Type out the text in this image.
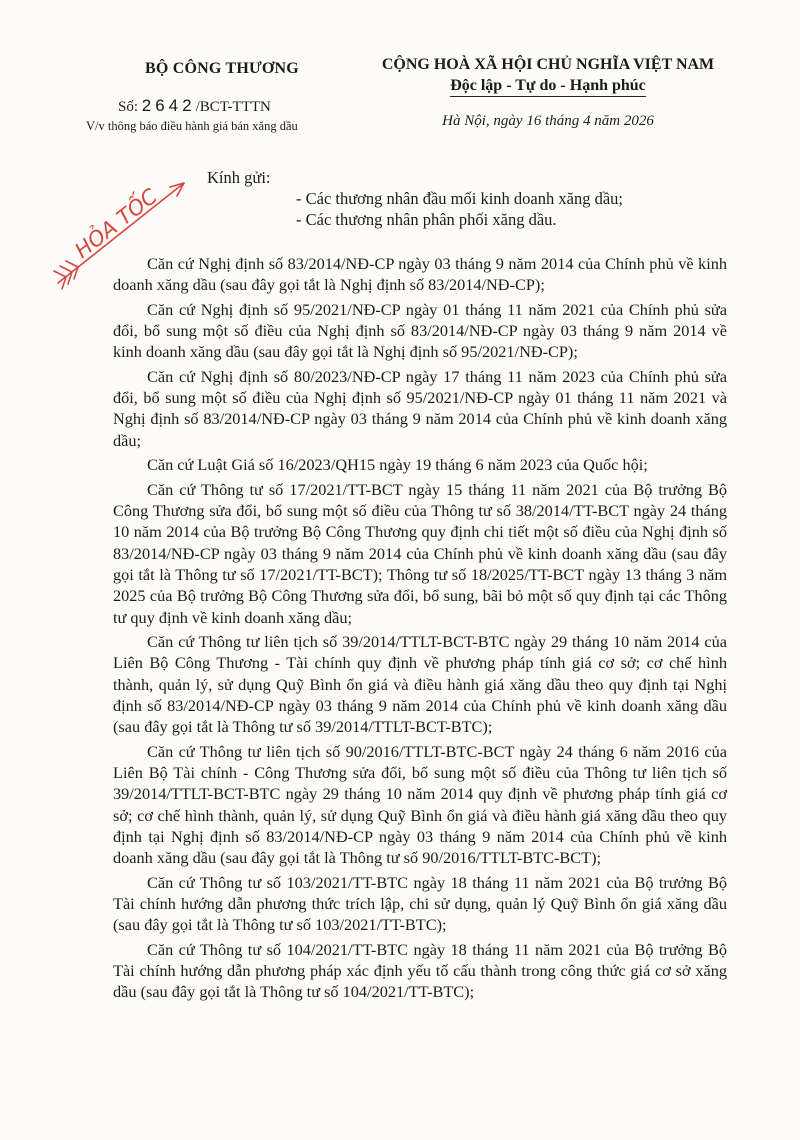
BỘ CÔNG THƯƠNG
Số: 2642/BCT-TTTN
V/v thông báo điều hành giá bán xăng dầu
CỘNG HOÀ XÃ HỘI CHỦ NGHĨA VIỆT NAM
Độc lập - Tự do - Hạnh phúc
Hà Nội, ngày 16 tháng 4 năm 2026
HỎA TỐC
Kính gửi:
- Các thương nhân đầu mối kinh doanh xăng dầu;
- Các thương nhân phân phối xăng dầu.

Căn cứ Nghị định số 83/2014/NĐ-CP ngày 03 tháng 9 năm 2014 của Chính phủ về kinh doanh xăng dầu (sau đây gọi tắt là Nghị định số 83/2014/NĐ-CP);

Căn cứ Nghị định số 95/2021/NĐ-CP ngày 01 tháng 11 năm 2021 của Chính phủ sửa đổi, bổ sung một số điều của Nghị định số 83/2014/NĐ-CP ngày 03 tháng 9 năm 2014 về kinh doanh xăng dầu (sau đây gọi tắt là Nghị định số 95/2021/NĐ-CP);

Căn cứ Nghị định số 80/2023/NĐ-CP ngày 17 tháng 11 năm 2023 của Chính phủ sửa đổi, bổ sung một số điều của Nghị định số 95/2021/NĐ-CP ngày 01 tháng 11 năm 2021 và Nghị định số 83/2014/NĐ-CP ngày 03 tháng 9 năm 2014 của Chính phủ về kinh doanh xăng dầu;

Căn cứ Luật Giá số 16/2023/QH15 ngày 19 tháng 6 năm 2023 của Quốc hội;

Căn cứ Thông tư số 17/2021/TT-BCT ngày 15 tháng 11 năm 2021 của Bộ trưởng Bộ Công Thương sửa đổi, bổ sung một số điều của Thông tư số 38/2014/TT-BCT ngày 24 tháng 10 năm 2014 của Bộ trưởng Bộ Công Thương quy định chi tiết một số điều của Nghị định số 83/2014/NĐ-CP ngày 03 tháng 9 năm 2014 của Chính phủ về kinh doanh xăng dầu (sau đây gọi tắt là Thông tư số 17/2021/TT-BCT); Thông tư số 18/2025/TT-BCT ngày 13 tháng 3 năm 2025 của Bộ trưởng Bộ Công Thương sửa đổi, bổ sung, bãi bỏ một số quy định tại các Thông tư quy định về kinh doanh xăng dầu;

Căn cứ Thông tư liên tịch số 39/2014/TTLT-BCT-BTC ngày 29 tháng 10 năm 2014 của Liên Bộ Công Thương - Tài chính quy định về phương pháp tính giá cơ sở; cơ chế hình thành, quản lý, sử dụng Quỹ Bình ổn giá và điều hành giá xăng dầu theo quy định tại Nghị định số 83/2014/NĐ-CP ngày 03 tháng 9 năm 2014 của Chính phủ về kinh doanh xăng dầu (sau đây gọi tắt là Thông tư số 39/2014/TTLT-BCT-BTC);

Căn cứ Thông tư liên tịch số 90/2016/TTLT-BTC-BCT ngày 24 tháng 6 năm 2016 của Liên Bộ Tài chính - Công Thương sửa đổi, bổ sung một số điều của Thông tư liên tịch số 39/2014/TTLT-BCT-BTC ngày 29 tháng 10 năm 2014 quy định về phương pháp tính giá cơ sở; cơ chế hình thành, quản lý, sử dụng Quỹ Bình ổn giá và điều hành giá xăng dầu theo quy định tại Nghị định số 83/2014/NĐ-CP ngày 03 tháng 9 năm 2014 của Chính phủ về kinh doanh xăng dầu (sau đây gọi tắt là Thông tư số 90/2016/TTLT-BTC-BCT);

Căn cứ Thông tư số 103/2021/TT-BTC ngày 18 tháng 11 năm 2021 của Bộ trưởng Bộ Tài chính hướng dẫn phương thức trích lập, chi sử dụng, quản lý Quỹ Bình ổn giá xăng dầu (sau đây gọi tắt là Thông tư số 103/2021/TT-BTC);

Căn cứ Thông tư số 104/2021/TT-BTC ngày 18 tháng 11 năm 2021 của Bộ trưởng Bộ Tài chính hướng dẫn phương pháp xác định yếu tố cấu thành trong công thức giá cơ sở xăng dầu (sau đây gọi tắt là Thông tư số 104/2021/TT-BTC);
